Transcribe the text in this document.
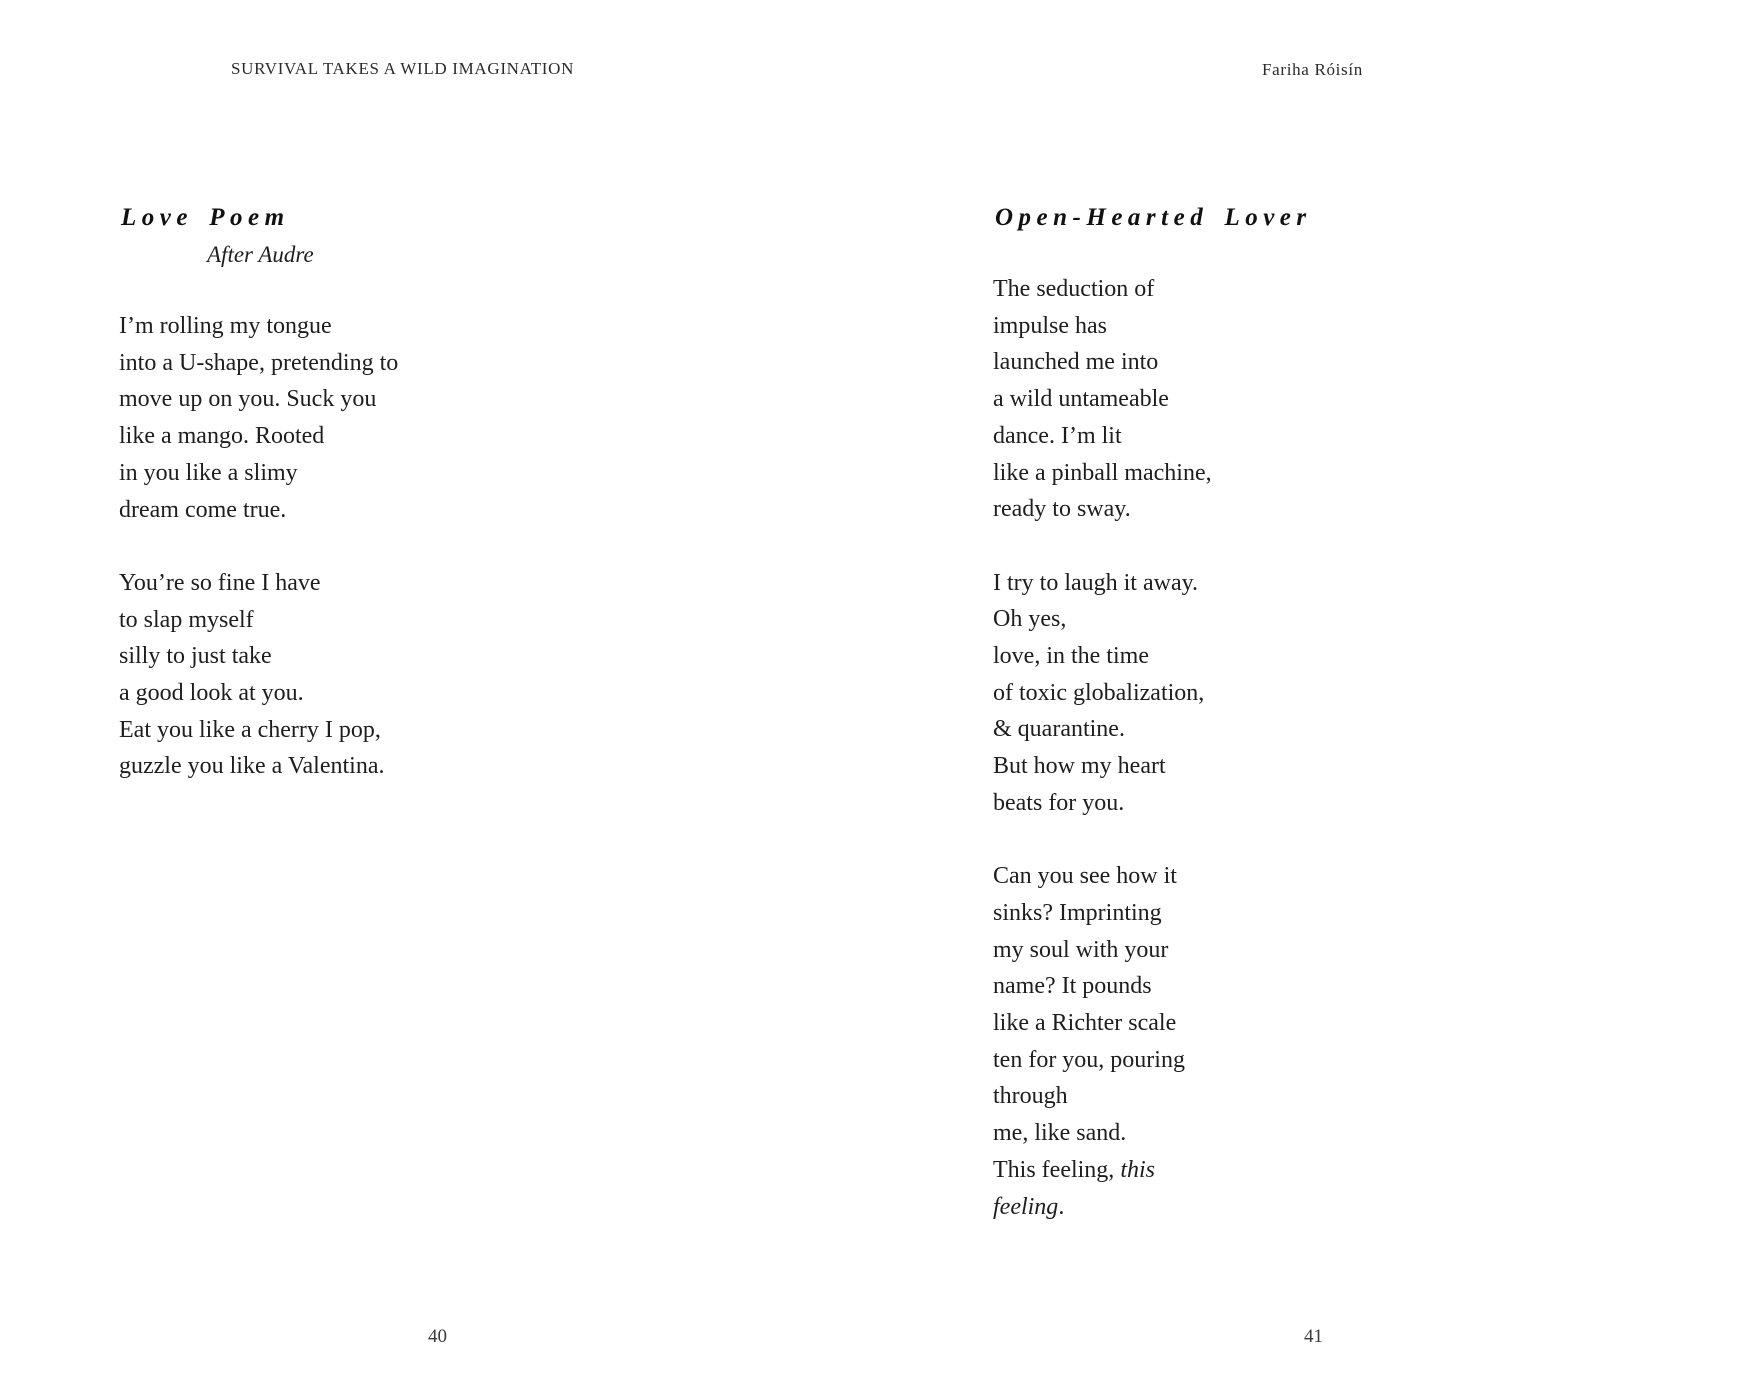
SURVIVAL TAKES A WILD IMAGINATION
Love Poem
After Audre
I’m rolling my tongue
into a U-shape, pretending to
move up on you. Suck you
like a mango. Rooted
in you like a slimy
dream come true.
You’re so fine I have
to slap myself
silly to just take
a good look at you.
Eat you like a cherry I pop,
guzzle you like a Valentina.
40
Fariha Róisín
Open-Hearted Lover
The seduction of
impulse has
launched me into
a wild untameable
dance. I’m lit
like a pinball machine,
ready to sway.
I try to laugh it away.
Oh yes,
love, in the time
of toxic globalization,
& quarantine.
But how my heart
beats for you.
Can you see how it
sinks? Imprinting
my soul with your
name? It pounds
like a Richter scale
ten for you, pouring
through
me, like sand.
This feeling, this
feeling.
41
